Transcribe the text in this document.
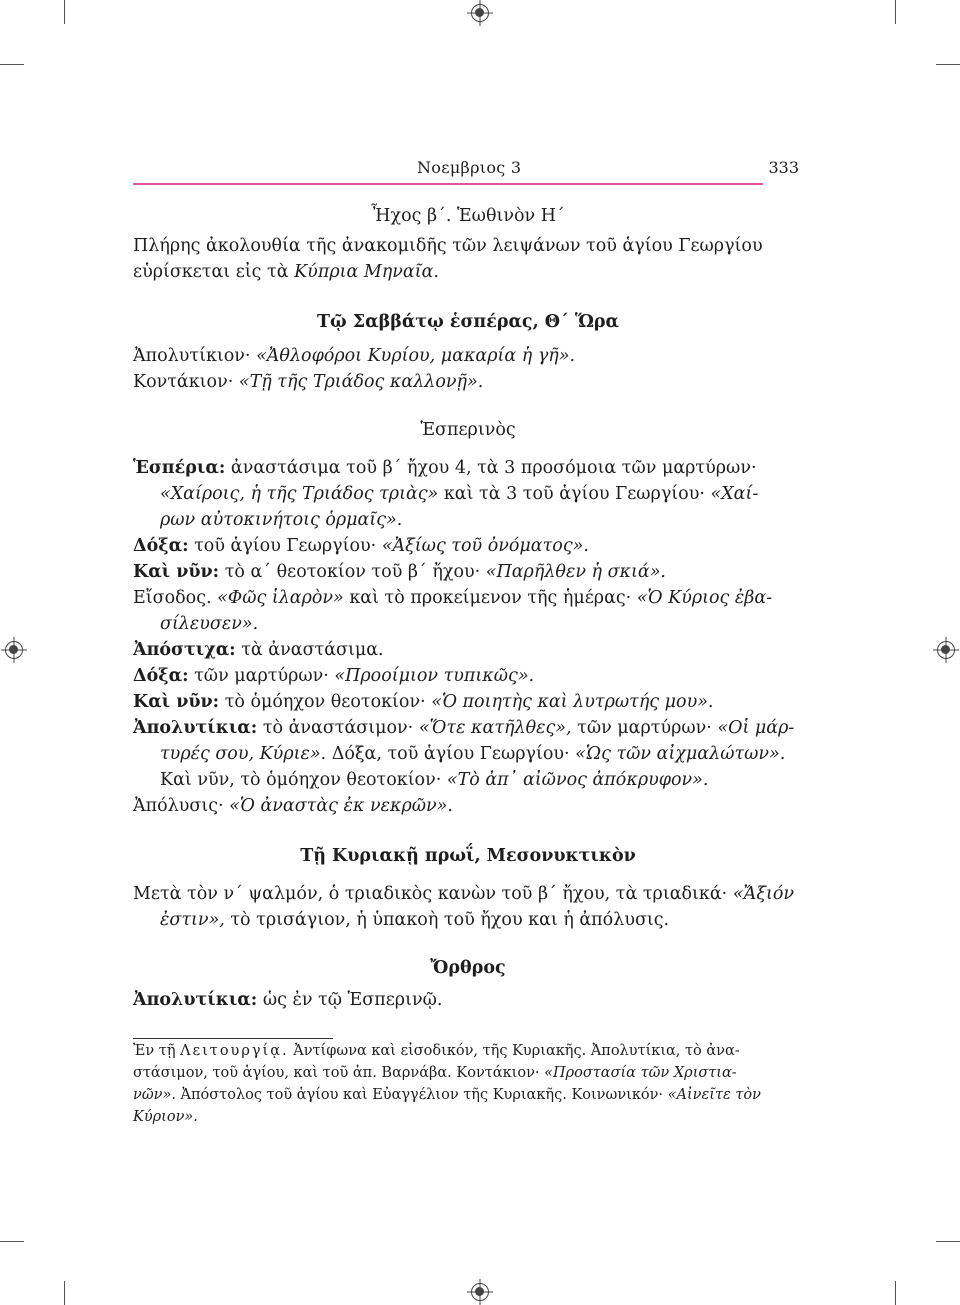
Νοεμβριος 3	333
Ἦχος β΄. Ἑωθινὸν Η΄
Πλήρης ἀκολουθία τῆς ἀνακομιδῆς τῶν λειψάνων τοῦ ἁγίου Γεωργίου
εὑρίσκεται εἰς τὰ Κύπρια Μηναῖα.
Τῷ Σαββάτῳ ἑσπέρας, Θ΄ Ὥρα
Ἀπολυτίκιον· «Ἀθλοφόροι Κυρίου, μακαρία ἡ γῆ».
Κοντάκιον· «Τῇ τῆς Τριάδος καλλονῇ».
Ἑσπερινὸς
Ἑσπέρια: ἀναστάσιμα τοῦ β΄ ἤχου 4, τὰ 3 προσόμοια τῶν μαρτύρων·
«Χαίροις, ἡ τῆς Τριάδος τριὰς» καὶ τὰ 3 τοῦ ἁγίου Γεωργίου· «Χαί-
ρων αὐτοκινήτοις ὁρμαῖς».
Δόξα: τοῦ ἁγίου Γεωργίου· «Ἀξίως τοῦ ὀνόματος».
Καὶ νῦν: τὸ α΄ θεοτοκίον τοῦ β΄ ἤχου· «Παρῆλθεν ἡ σκιά».
Εἴσοδος. «Φῶς ἱλαρὸν» καὶ τὸ προκείμενον τῆς ἡμέρας· «Ὁ Κύριος ἐβα-
σίλευσεν».
Ἀπόστιχα: τὰ ἀναστάσιμα.
Δόξα: τῶν μαρτύρων· «Προοίμιον τυπικῶς».
Καὶ νῦν: τὸ ὁμόηχον θεοτοκίον· «Ὁ ποιητὴς καὶ λυτρωτής μου».
Ἀπολυτίκια: τὸ ἀναστάσιμον· «Ὅτε κατῆλθες», τῶν μαρτύρων· «Οἱ μάρ-
τυρές σου, Κύριε». Δόξα, τοῦ ἁγίου Γεωργίου· «Ὡς τῶν αἰχμαλώτων».
Καὶ νῦν, τὸ ὁμόηχον θεοτοκίον· «Τὸ ἀπ᾽ αἰῶνος ἀπόκρυφον».
Ἀπόλυσις· «Ὁ ἀναστὰς ἐκ νεκρῶν».
Τῇ Κυριακῇ πρωΐ, Μεσονυκτικὸν
Μετὰ τὸν ν΄ ψαλμόν, ὁ τριαδικὸς κανὼν τοῦ β΄ ἤχου, τὰ τριαδικά· «Ἄξιόν
ἐστιν», τὸ τρισάγιον, ἡ ὑπακοὴ τοῦ ἤχου και ἡ ἀπόλυσις.
Ὄρθρος
Ἀπολυτίκια: ὡς ἐν τῷ Ἑσπερινῷ.
Ἐν τῇ Λειτουργίᾳ. Ἀντίφωνα καὶ εἰσοδικόν, τῆς Κυριακῆς. Ἀπολυτίκια, τὸ ἀνα-
στάσιμον, τοῦ ἁγίου, καὶ τοῦ ἀπ. Βαρνάβα. Κοντάκιον· «Προστασία τῶν Χριστια-
νῶν». Ἀπόστολος τοῦ ἁγίου καὶ Εὐαγγέλιον τῆς Κυριακῆς. Κοινωνικόν· «Αἰνεῖτε τὸν
Κύριον».
